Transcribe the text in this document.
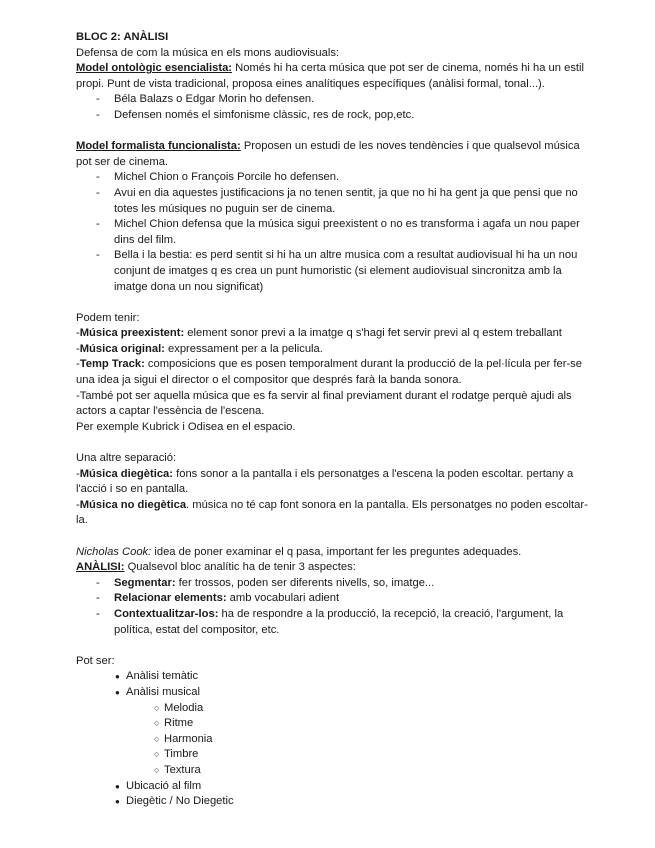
BLOC 2: ANÀLISI
Defensa de com la música en els mons audiovisuals:
Model ontològic esencialista: Només hi ha certa música que pot ser de cinema, només hi ha un estil propi. Punt de vista tradicional, proposa eines analítiques específiques (anàlisi formal, tonal...).
- Béla Balazs o Edgar Morin ho defensen.
- Defensen només el simfonisme clàssic, res de rock, pop,etc.
Model formalista funcionalista: Proposen un estudi de les noves tendències i que qualsevol música pot ser de cinema.
- Michel Chion o François Porcile ho defensen.
- Avui en dia aquestes justificacions ja no tenen sentit, ja que no hi ha gent ja que pensi que no totes les músiques no puguin ser de cinema.
- Michel Chion defensa que la música sigui preexistent o no es transforma i agafa un nou paper dins del film.
- Bella i la bestia: es perd sentit si hi ha un altre musica com a resultat audiovisual hi ha un nou conjunt de imatges q es crea un punt humoristic (si element audiovisual sincronitza amb la imatge dona un nou significat)
Podem tenir:
-Música preexistent: element sonor previ a la imatge q s'hagi fet servir previ al q estem treballant
-Música original: expressament per a la pelicula.
-Temp Track: composicions que es posen temporalment durant la producció de la pel·lícula per fer-se una idea ja sigui el director o el compositor que després farà la banda sonora.
-També pot ser aquella música que es fa servir al final previament durant el rodatge perquè ajudi als actors a captar l'essència de l'escena.
Per exemple Kubrick i Odisea en el espacio.
Una altre separació:
-Música diegètica: fons sonor a la pantalla i els personatges a l'escena la poden escoltar. pertany a l'acció i so en pantalla.
-Música no diegètica. música no té cap font sonora en la pantalla. Els personatges no poden escoltar-la.
Nicholas Cook: idea de poner examinar el q pasa, important fer les preguntes adequades.
ANÀLISI: Qualsevol bloc analític ha de tenir 3 aspectes:
- Segmentar: fer trossos, poden ser diferents nivells, so, imatge...
- Relacionar elements: amb vocabulari adient
- Contextualitzar-los: ha de respondre a la producció, la recepció, la creació, l'argument, la política, estat del compositor, etc.
Pot ser:
● Anàlisi temàtic
● Anàlisi musical
○ Melodia
○ Ritme
○ Harmonia
○ Timbre
○ Textura
● Ubicació al film
● Diegètic / No Diegetic
